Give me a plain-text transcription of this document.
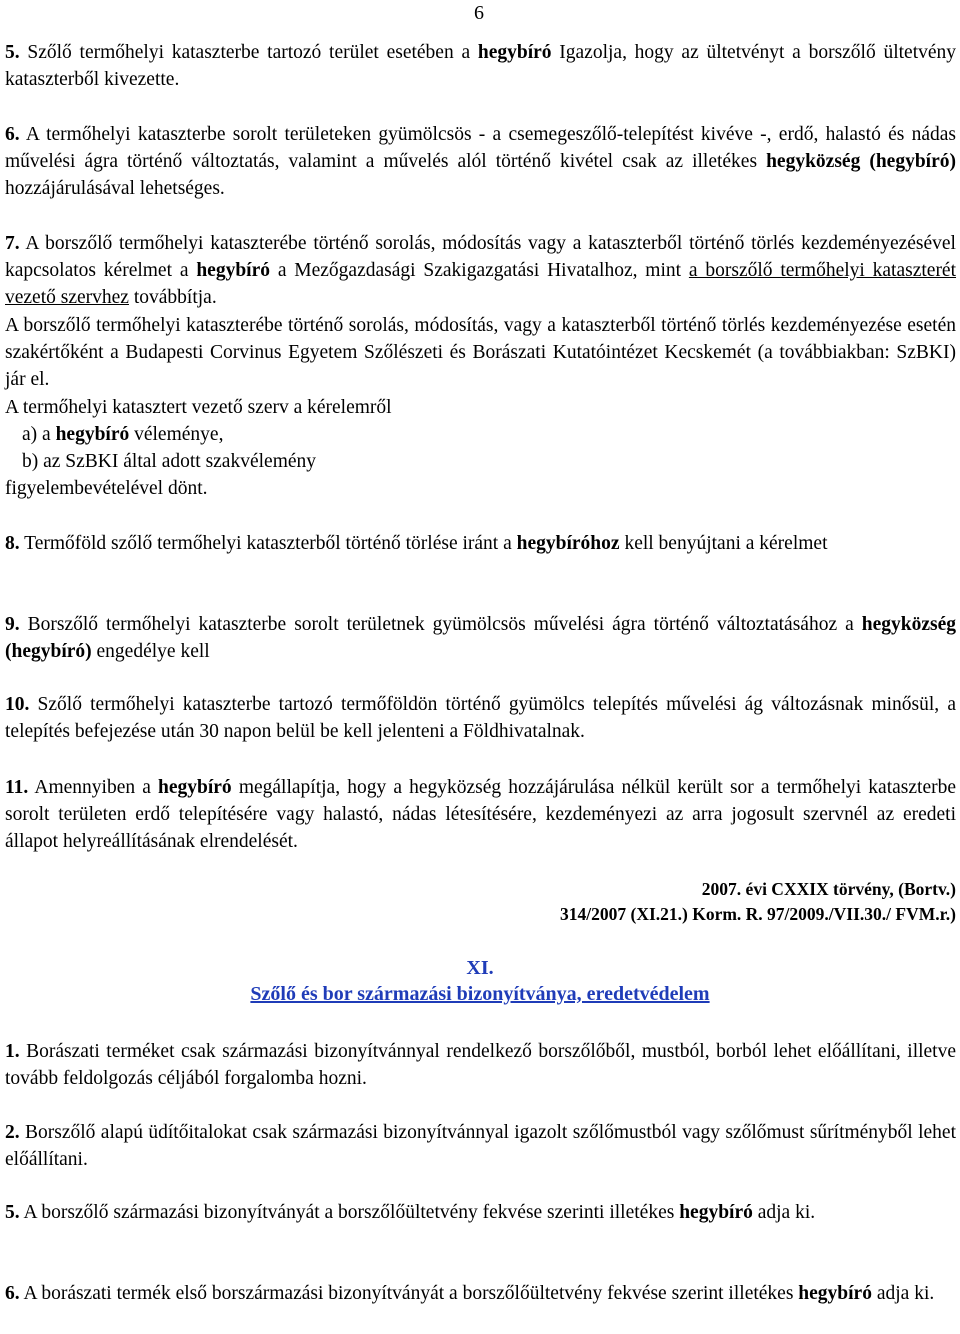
6

5. Szőlő termőhelyi kataszterbe tartozó terület esetében a hegybíró Igazolja, hogy az ültetvényt a borszőlő ültetvény kataszterből kivezette.

6. A termőhelyi kataszterbe sorolt területeken gyümölcsös - a csemegeszőlő-telepítést kivéve -, erdő, halastó és nádas művelési ágra történő változtatás, valamint a művelés alól történő kivétel csak az illetékes hegyközség (hegybíró) hozzájárulásával lehetséges.

7. A borszőlő termőhelyi kataszterébe történő sorolás, módosítás vagy a kataszterből történő törlés kezdeményezésével kapcsolatos kérelmet a hegybíró a Mezőgazdasági Szakigazgatási Hivatalhoz, mint a borszőlő termőhelyi kataszterét vezető szervhez továbbítja.

A borszőlő termőhelyi kataszterébe történő sorolás, módosítás, vagy a kataszterből történő törlés kezdeményezése esetén szakértőként a Budapesti Corvinus Egyetem Szőlészeti és Borászati Kutatóintézet Kecskemét (a továbbiakban: SzBKI) jár el.

A termőhelyi katasztert vezető szerv a kérelemről

a) a hegybíró véleménye,

b) az SzBKI által adott szakvélemény

figyelembevételével dönt.

8. Termőföld szőlő termőhelyi kataszterből történő törlése iránt a hegybíróhoz kell benyújtani a kérelmet

9. Borszőlő termőhelyi kataszterbe sorolt területnek gyümölcsös művelési ágra történő változtatásához a hegyközség (hegybíró) engedélye kell

10. Szőlő termőhelyi kataszterbe tartozó termőföldön történő gyümölcs telepítés művelési ág változásnak minősül, a telepítés befejezése után 30 napon belül be kell jelenteni a Földhivatalnak.

11. Amennyiben a hegybíró megállapítja, hogy a hegyközség hozzájárulása nélkül került sor a termőhelyi kataszterbe sorolt területen erdő telepítésére vagy halastó, nádas létesítésére, kezdeményezi az arra jogosult szervnél az eredeti állapot helyreállításának elrendelését.

2007. évi CXXIX törvény, (Bortv.)
314/2007 (XI.21.) Korm. R. 97/2009./VII.30./ FVM.r.)
XI.
Szőlő és bor származási bizonyítványa, eredetvédelem

1. Borászati terméket csak származási bizonyítvánnyal rendelkező borszőlőből, mustból, borból lehet előállítani, illetve tovább feldolgozás céljából forgalomba hozni.

2. Borszőlő alapú üdítőitalokat csak származási bizonyítvánnyal igazolt szőlőmustból vagy szőlőmust sűrítményből lehet előállítani.

5. A borszőlő származási bizonyítványát a borszőlőültetvény fekvése szerinti illetékes hegybíró adja ki.

6. A borászati termék első borszármazási bizonyítványát a borszőlőültetvény fekvése szerint illetékes hegybíró adja ki.
